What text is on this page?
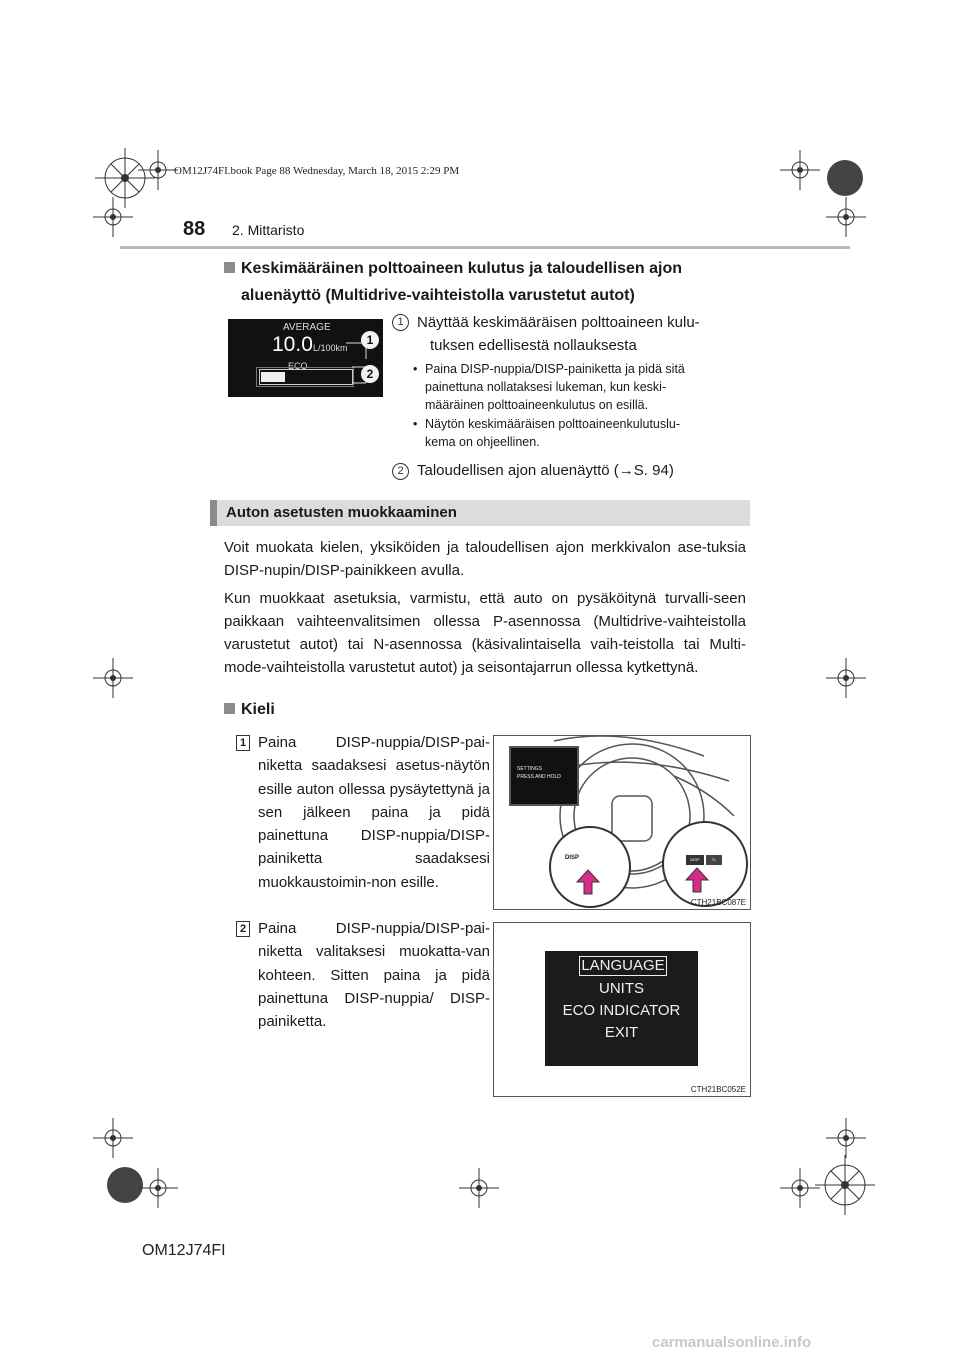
OM12J74FI.book Page 88 Wednesday, March 18, 2015 2:29 PM
88 2. Mittaristo
Keskimääräinen polttoaineen kulutus ja taloudellisen ajon
aluenäyttö (Multidrive-vaihteistolla varustetut autot)
AVERAGE
10.0 L/100km
ECO
1
2
1 Näyttää keskimääräisen polttoaineen kulu-
tuksen edellisestä nollauksesta
• Paina DISP-nuppia/DISP-painiketta ja pidä sitä
painettuna nollataksesi lukeman, kun keski-
määräinen polttoaineenkulutus on esillä.
• Näytön keskimääräisen polttoaineenkulutuslu-
kema on ohjeellinen.
2 Taloudellisen ajon aluenäyttö (→S. 94)
Auton asetusten muokkaaminen
Voit muokata kielen, yksiköiden ja taloudellisen ajon merkkivalon ase-tuksia DISP-nupin/DISP-painikkeen avulla.
Kun muokkaat asetuksia, varmistu, että auto on pysäköitynä turvalli-seen paikkaan vaihteenvalitsimen ollessa P-asennossa (Multidrive-vaihteistolla varustetut autot) tai N-asennossa (käsivalintaisella vaih-teistolla tai Multi-mode-vaihteistolla varustetut autot) ja seisontajarrun ollessa kytkettynä.
Kieli
1 Paina DISP-nuppia/DISP-pai-niketta saadaksesi asetus-näytön esille auton ollessa pysäytettynä ja sen jälkeen paina ja pidä painettuna DISP-nuppia/DISP-painiketta saadaksesi muokkaustoimin-non esille.
2 Paina DISP-nuppia/DISP-pai-niketta valitaksesi muokatta-van kohteen. Sitten paina ja pidä painettuna DISP-nuppia/ DISP-painiketta.
SETTINGS
PRESS AND HOLD
DISP	DISP	TL
CTH21BC087E
LANGUAGE
UNITS
ECO INDICATOR
EXIT
CTH21BC052E
OM12J74FI
carmanualsonline.info
